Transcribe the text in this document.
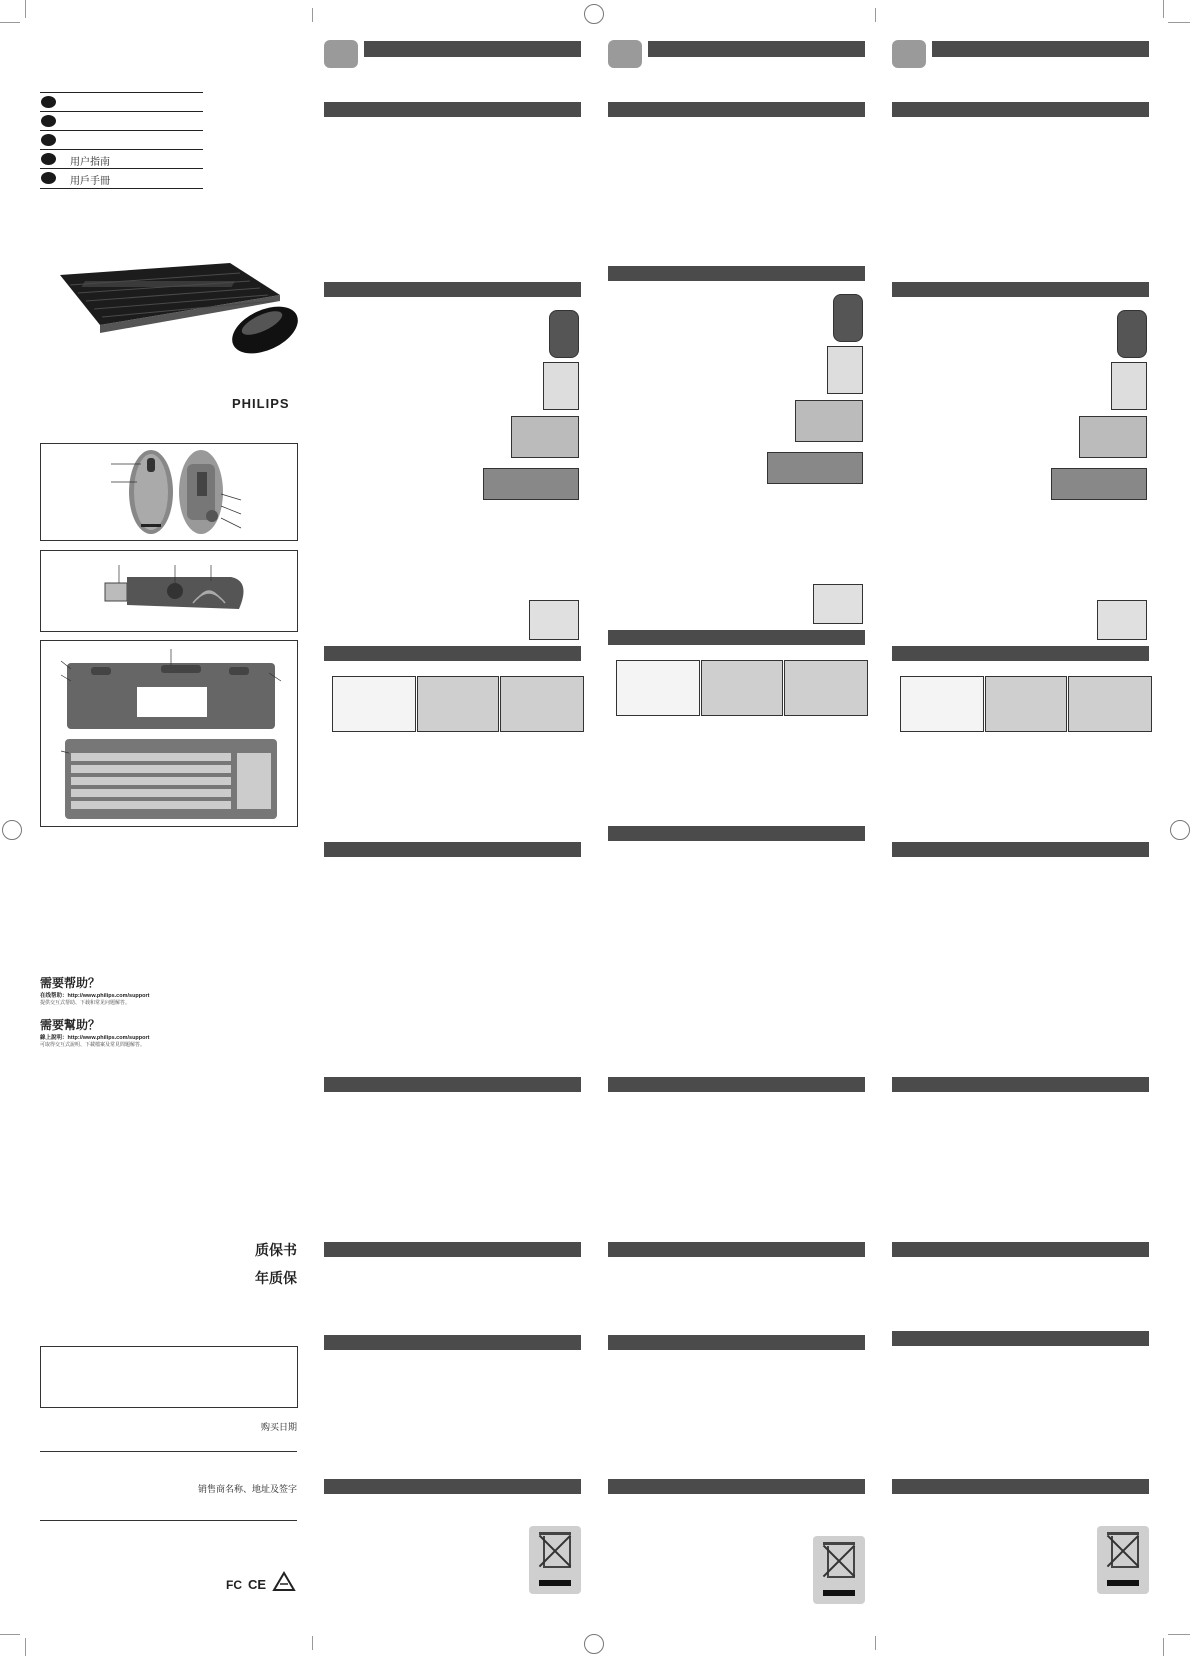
用户指南
用戶手冊
PHILIPS
需要帮助？
在线帮助：http://www.philips.com/support
提供交互式帮助、下载和常见问题解答。
需要幫助？
線上說明：http://www.philips.com/support
可取得交互式說明、下載檔案及常見問題解答。
质保书
年质保
购买日期
销售商名称、地址及签字
FC CE
